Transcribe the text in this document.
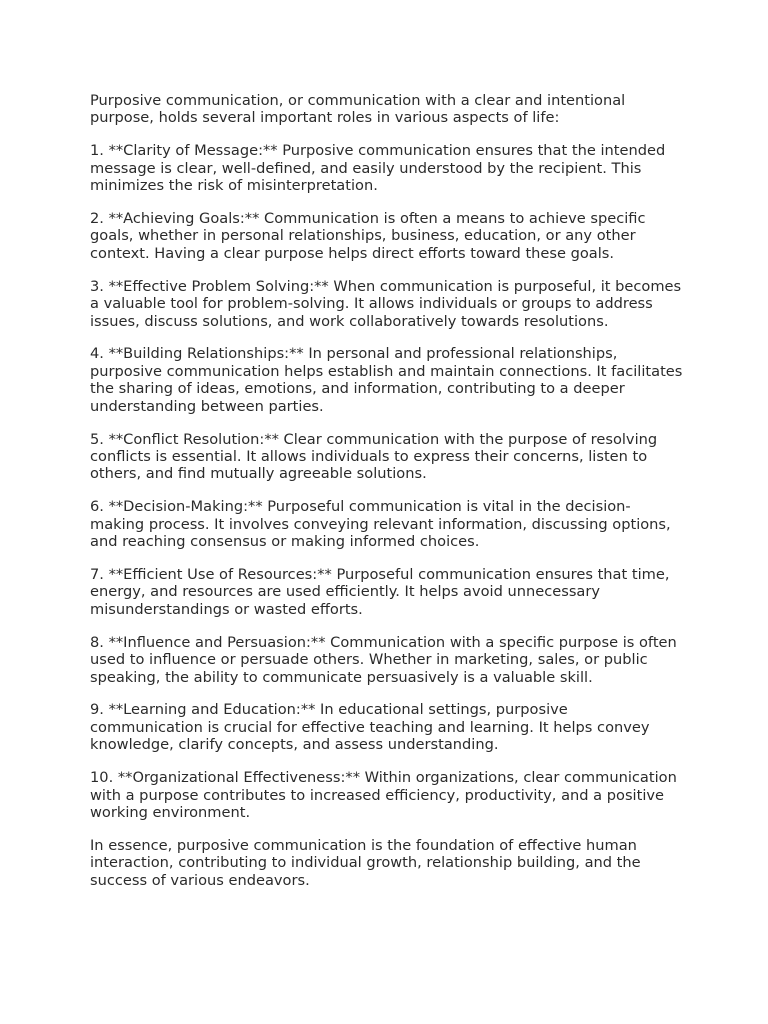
Purposive communication, or communication with a clear and intentional
purpose, holds several important roles in various aspects of life:

1. **Clarity of Message:** Purposive communication ensures that the intended
message is clear, well-defined, and easily understood by the recipient. This
minimizes the risk of misinterpretation.

2. **Achieving Goals:** Communication is often a means to achieve specific
goals, whether in personal relationships, business, education, or any other
context. Having a clear purpose helps direct efforts toward these goals.

3. **Effective Problem Solving:** When communication is purposeful, it becomes
a valuable tool for problem-solving. It allows individuals or groups to address
issues, discuss solutions, and work collaboratively towards resolutions.

4. **Building Relationships:** In personal and professional relationships,
purposive communication helps establish and maintain connections. It facilitates
the sharing of ideas, emotions, and information, contributing to a deeper
understanding between parties.

5. **Conflict Resolution:** Clear communication with the purpose of resolving
conflicts is essential. It allows individuals to express their concerns, listen to
others, and find mutually agreeable solutions.

6. **Decision-Making:** Purposeful communication is vital in the decision-
making process. It involves conveying relevant information, discussing options,
and reaching consensus or making informed choices.

7. **Efficient Use of Resources:** Purposeful communication ensures that time,
energy, and resources are used efficiently. It helps avoid unnecessary
misunderstandings or wasted efforts.

8. **Influence and Persuasion:** Communication with a specific purpose is often
used to influence or persuade others. Whether in marketing, sales, or public
speaking, the ability to communicate persuasively is a valuable skill.

9. **Learning and Education:** In educational settings, purposive
communication is crucial for effective teaching and learning. It helps convey
knowledge, clarify concepts, and assess understanding.

10. **Organizational Effectiveness:** Within organizations, clear communication
with a purpose contributes to increased efficiency, productivity, and a positive
working environment.

In essence, purposive communication is the foundation of effective human
interaction, contributing to individual growth, relationship building, and the
success of various endeavors.
